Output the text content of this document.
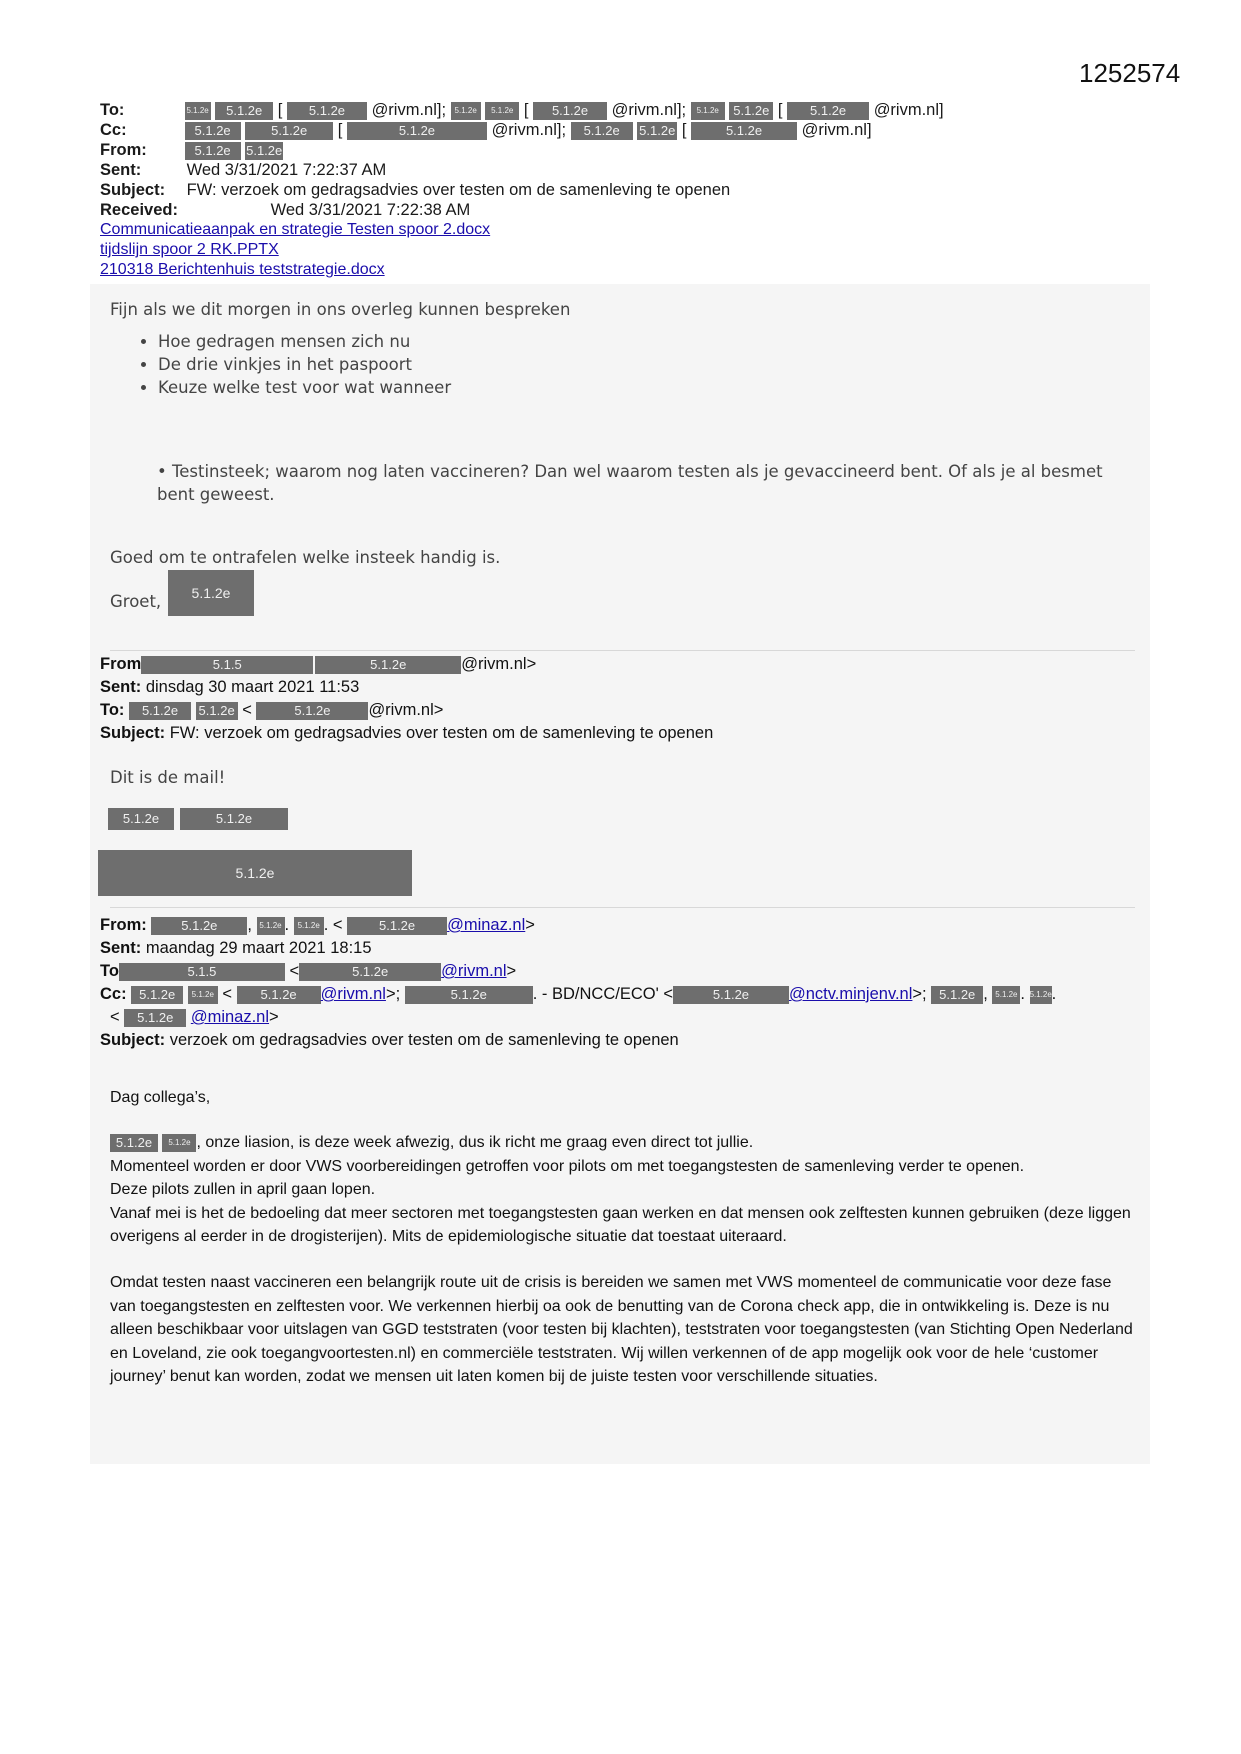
1252574
To:	5.1.2e 5.1.2e [ 5.1.2e @rivm.nl]; 5.1.2e 5.1.2e [ 5.1.2e @rivm.nl]; 5.1.2e 5.1.2e [ 5.1.2e @rivm.nl]
Cc:	5.1.2e	5.1.2e [	5.1.2e	@rivm.nl]; 5.1.2e 5.1.2e [	5.1.2e @rivm.nl]
From:	5.1.2e 5.1.2e
Sent:	Wed 3/31/2021 7:22:37 AM
Subject: FW: verzoek om gedragsadvies over testen om de samenleving te openen
Received:	Wed 3/31/2021 7:22:38 AM
Communicatieaanpak en strategie Testen spoor 2.docx
tijdslijn spoor 2 RK.PPTX
210318 Berichtenhuis teststrategie.docx
Fijn als we dit morgen in ons overleg kunnen bespreken
• Hoe gedragen mensen zich nu
• De drie vinkjes in het paspoort
• Keuze welke test voor wat wanneer
• Testinsteek; waarom nog laten vaccineren? Dan wel waarom testen als je gevaccineerd bent. Of als je al besmet bent geweest.
Goed om te ontrafelen welke insteek handig is.
Groet,	5.1.2e
From	5.1.5	5.1.2e	@rivm.nl>
Sent: dinsdag 30 maart 2021 11:53
To: 5.1.2e 5.1.2e <	5.1.2e @rivm.nl>
Subject: FW: verzoek om gedragsadvies over testen om de samenleving te openen
Dit is de mail!
5.1.2e	5.1.2e
5.1.2e
From:	5.1.2e , 5.1.2e . 5.1.2e . < 5.1.2e @minaz.nl>
Sent: maandag 29 maart 2021 18:15
To	5.1.5	<	5.1.2e	@rivm.nl>
Cc: 5.1.2e 5.1.2e < 5.1.2e @rivm.nl>;	5.1.2e	. - BD/NCC/ECO' <	5.1.2e @nctv.minjenv.nl>; 5.1.2e , 5.1.2e . 5.1.2e.
< 5.1.2e @minaz.nl>
Subject: verzoek om gedragsadvies over testen om de samenleving te openen
Dag collega’s,
5.1.2e 5.1.2e , onze liasion, is deze week afwezig, dus ik richt me graag even direct tot jullie.
Momenteel worden er door VWS voorbereidingen getroffen voor pilots om met toegangstesten de samenleving verder te openen.
Deze pilots zullen in april gaan lopen.
Vanaf mei is het de bedoeling dat meer sectoren met toegangstesten gaan werken en dat mensen ook zelftesten kunnen gebruiken (deze liggen overigens al eerder in de drogisterijen). Mits de epidemiologische situatie dat toestaat uiteraard.
Omdat testen naast vaccineren een belangrijk route uit de crisis is bereiden we samen met VWS momenteel de communicatie voor deze fase van toegangstesten en zelftesten voor. We verkennen hierbij oa ook de benutting van de Corona check app, die in ontwikkeling is. Deze is nu alleen beschikbaar voor uitslagen van GGD teststraten (voor testen bij klachten), teststraten voor toegangstesten (van Stichting Open Nederland en Loveland, zie ook toegangvoortesten.nl) en commerciële teststraten. Wij willen verkennen of de app mogelijk ook voor de hele ‘customer journey’ benut kan worden, zodat we mensen uit laten komen bij de juiste testen voor verschillende situaties.
